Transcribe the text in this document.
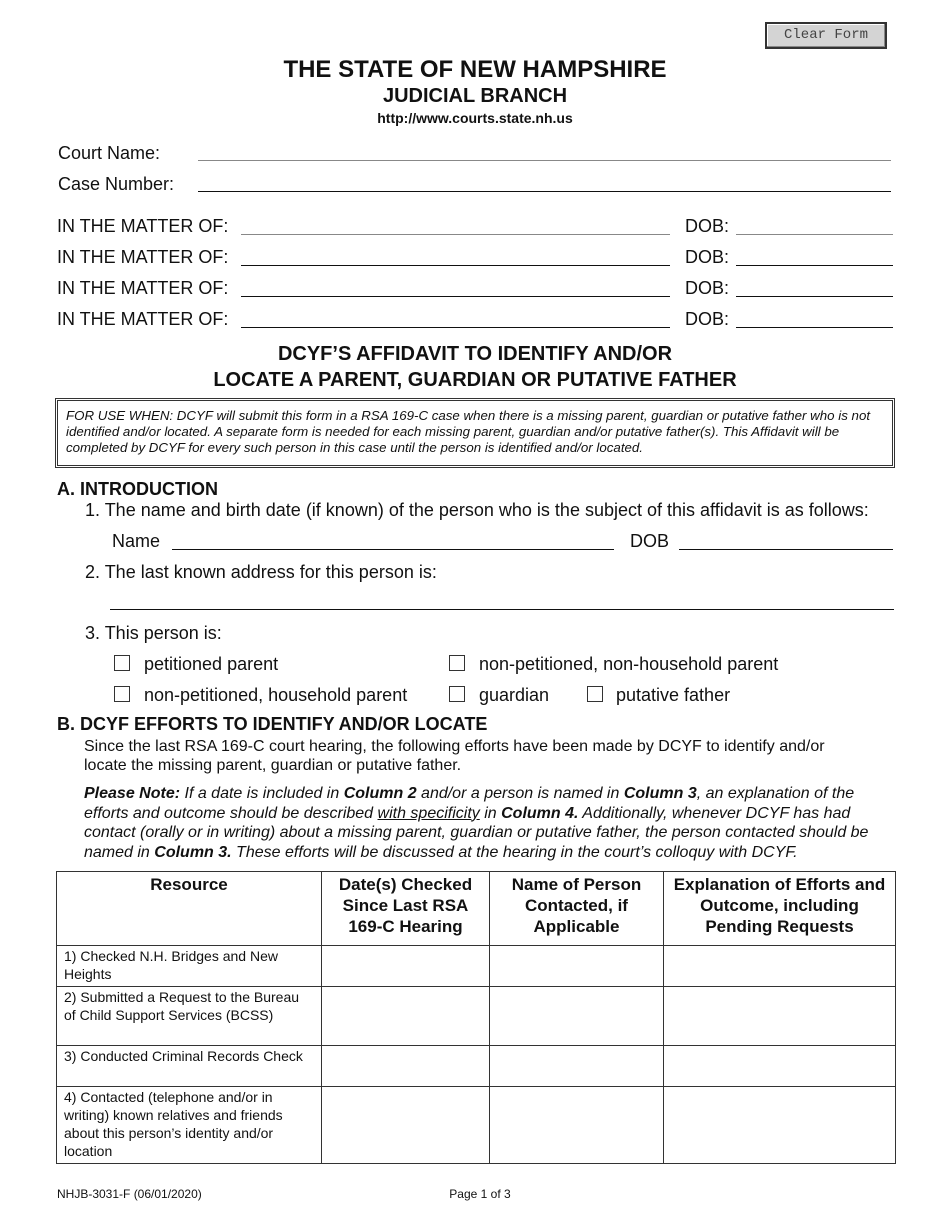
Clear Form
THE STATE OF NEW HAMPSHIRE
JUDICIAL BRANCH
http://www.courts.state.nh.us
Court Name:
Case Number:
IN THE MATTER OF:	DOB:
IN THE MATTER OF:	DOB:
IN THE MATTER OF:	DOB:
IN THE MATTER OF:	DOB:
DCYF’S AFFIDAVIT TO IDENTIFY AND/OR
LOCATE A PARENT, GUARDIAN OR PUTATIVE FATHER
FOR USE WHEN: DCYF will submit this form in a RSA 169-C case when there is a missing parent, guardian or putative father who is not identified and/or located. A separate form is needed for each missing parent, guardian and/or putative father(s). This Affidavit will be completed by DCYF for every such person in this case until the person is identified and/or located.
A. INTRODUCTION
1. The name and birth date (if known) of the person who is the subject of this affidavit is as follows:
Name	DOB
2. The last known address for this person is:
3. This person is:
petitioned parent	non-petitioned, non-household parent
non-petitioned, household parent	guardian	putative father
B. DCYF EFFORTS TO IDENTIFY AND/OR LOCATE
Since the last RSA 169-C court hearing, the following efforts have been made by DCYF to identify and/or
locate the missing parent, guardian or putative father.
Please Note: If a date is included in Column 2 and/or a person is named in Column 3, an explanation of the efforts and outcome should be described with specificity in Column 4. Additionally, whenever DCYF has had contact (orally or in writing) about a missing parent, guardian or putative father, the person contacted should be named in Column 3. These efforts will be discussed at the hearing in the court’s colloquy with DCYF.
Resource	Date(s) Checked Since Last RSA 169-C Hearing	Name of Person Contacted, if Applicable	Explanation of Efforts and Outcome, including Pending Requests
1) Checked N.H. Bridges and New Heights			
2) Submitted a Request to the Bureau of Child Support Services (BCSS)			
3) Conducted Criminal Records Check			
4) Contacted (telephone and/or in writing) known relatives and friends about this person’s identity and/or location			
NHJB-3031-F (06/01/2020)	Page 1 of 3
